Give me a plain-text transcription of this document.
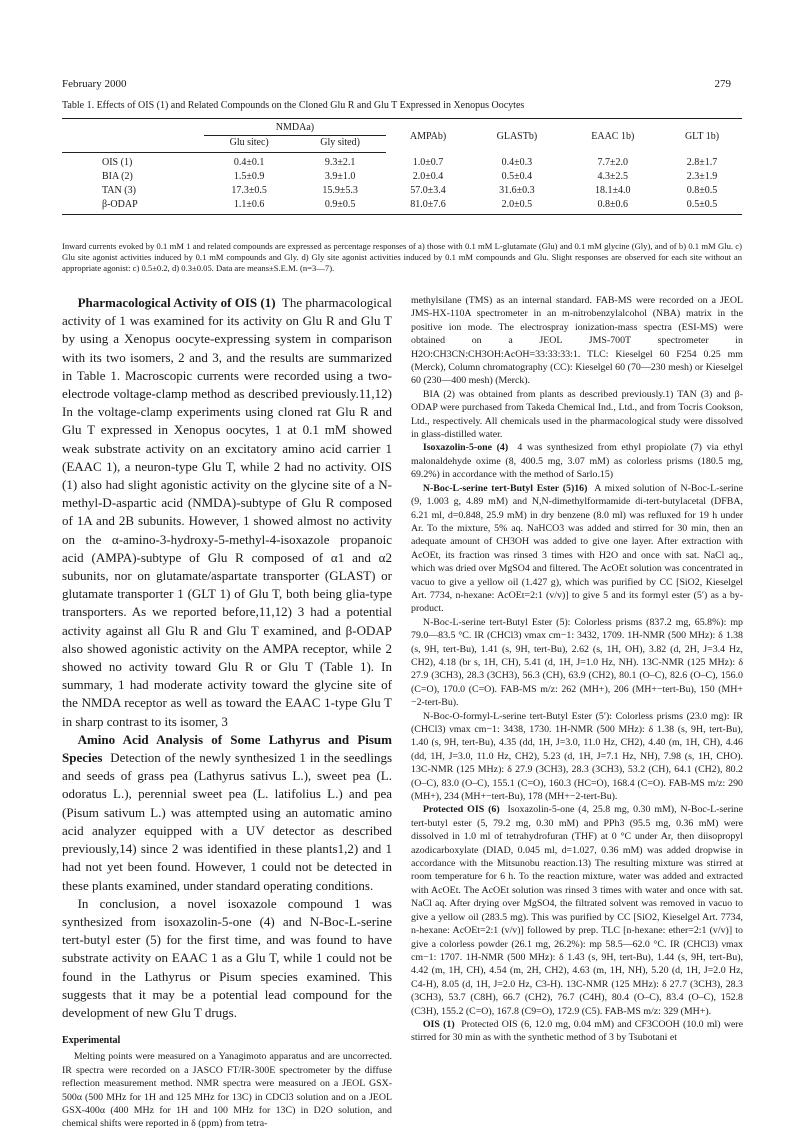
February 2000	279
Table 1. Effects of OIS (1) and Related Compounds on the Cloned Glu R and Glu T Expressed in Xenopus Oocytes
	NMDAa)		AMPAb)	GLASTb)	EAAC 1b)	GLT 1b)
	Glu sitec)	Gly sited)				
OIS (1)	0.4±0.1	9.3±2.1	1.0±0.7	0.4±0.3	7.7±2.0	2.8±1.7
BIA (2)	1.5±0.9	3.9±1.0	2.0±0.4	0.5±0.4	4.3±2.5	2.3±1.9
TAN (3)	17.3±0.5	15.9±5.3	57.0±3.4	31.6±0.3	18.1±4.0	0.8±0.5
β-ODAP	1.1±0.6	0.9±0.5	81.0±7.6	2.0±0.5	0.8±0.6	0.5±0.5
Inward currents evoked by 0.1 mM 1 and related compounds are expressed as percentage responses of a) those with 0.1 mM L-glutamate (Glu) and 0.1 mM glycine (Gly), and of b) 0.1 mM Glu. c) Glu site agonist activities induced by 0.1 mM compounds and Gly. d) Gly site agonist activities induced by 0.1 mM compounds and Glu. Slight responses are observed for each site without an appropriate agonist: c) 0.5±0.2, d) 0.3±0.05. Data are means±S.E.M. (n=3—7).

Pharmacological Activity of OIS (1) The pharmacological activity of 1 was examined for its activity on Glu R and Glu T by using a Xenopus oocyte-expressing system in comparison with its two isomers, 2 and 3, and the results are summarized in Table 1. Macroscopic currents were recorded using a two-electrode voltage-clamp method as described previously.11,12) In the voltage-clamp experiments using cloned rat Glu R and Glu T expressed in Xenopus oocytes, 1 at 0.1 mM showed weak substrate activity on an excitatory amino acid carrier 1 (EAAC 1), a neuron-type Glu T, while 2 had no activity. OIS (1) also had slight agonistic activity on the glycine site of a N-methyl-D-aspartic acid (NMDA)-subtype of Glu R composed of 1A and 2B subunits. However, 1 showed almost no activity on the α-amino-3-hydroxy-5-methyl-4-isoxazole propanoic acid (AMPA)-subtype of Glu R composed of α1 and α2 subunits, nor on glutamate/aspartate transporter (GLAST) or glutamate transporter 1 (GLT 1) of Glu T, both being glia-type transporters. As we reported before,11,12) 3 had a potential activity against all Glu R and Glu T examined, and β-ODAP also showed agonistic activity on the AMPA receptor, while 2 showed no activity toward Glu R or Glu T (Table 1). In summary, 1 had moderate activity toward the glycine site of the NMDA receptor as well as toward the EAAC 1-type Glu T in sharp contrast to its isomer, 3

Amino Acid Analysis of Some Lathyrus and Pisum Species Detection of the newly synthesized 1 in the seedlings and seeds of grass pea (Lathyrus sativus L.), sweet pea (L. odoratus L.), perennial sweet pea (L. latifolius L.) and pea (Pisum sativum L.) was attempted using an automatic amino acid analyzer equipped with a UV detector as described previously,14) since 2 was identified in these plants1,2) and 1 had not yet been found. However, 1 could not be detected in these plants examined, under standard operating conditions.

In conclusion, a novel isoxazole compound 1 was synthesized from isoxazolin-5-one (4) and N-Boc-L-serine tert-butyl ester (5) for the first time, and was found to have substrate activity on EAAC 1 as a Glu T, while 1 could not be found in the Lathyrus or Pisum species examined. This suggests that it may be a potential lead compound for the development of new Glu T drugs.

Experimental

Melting points were measured on a Yanagimoto apparatus and are uncorrected. IR spectra were recorded on a JASCO FT/IR-300E spectrometer by the diffuse reflection measurement method. NMR spectra were measured on a JEOL GSX-500α (500 MHz for 1H and 125 MHz for 13C) in CDCl3 solution and on a JEOL GSX-400α (400 MHz for 1H and 100 MHz for 13C) in D2O solution, and chemical shifts were reported in δ (ppm) from tetra-

methylsilane (TMS) as an internal standard. FAB-MS were recorded on a JEOL JMS-HX-110A spectrometer in an m-nitrobenzylalcohol (NBA) matrix in the positive ion mode. The electrospray ionization-mass spectra (ESI-MS) were obtained on a JEOL JMS-700T spectrometer in H2O:CH3CN:CH3OH:AcOH=33:33:33:1. TLC: Kieselgel 60 F254 0.25 mm (Merck), Column chromatography (CC): Kieselgel 60 (70—230 mesh) or Kieselgel 60 (230—400 mesh) (Merck).

BIA (2) was obtained from plants as described previously.1) TAN (3) and β-ODAP were purchased from Takeda Chemical Ind., Ltd., and from Tocris Cookson, Ltd., respectively. All chemicals used in the pharmacological study were dissolved in glass-distilled water.

Isoxazolin-5-one (4) 4 was synthesized from ethyl propiolate (7) via ethyl malonaldehyde oxime (8, 400.5 mg, 3.07 mM) as colorless prisms (180.5 mg, 69.2%) in accordance with the method of Sarlo.15)

N-Boc-L-serine tert-Butyl Ester (5)16) A mixed solution of N-Boc-L-serine (9, 1.003 g, 4.89 mM) and N,N-dimethylformamide di-tert-butylacetal (DFBA, 6.21 ml, d=0.848, 25.9 mM) in dry benzene (8.0 ml) was refluxed for 19 h under Ar. To the mixture, 5% aq. NaHCO3 was added and stirred for 30 min, then an adequate amount of CH3OH was added to give one layer. After extraction with AcOEt, its fraction was rinsed 3 times with H2O and once with sat. NaCl aq., which was dried over MgSO4 and filtered. The AcOEt solution was concentrated in vacuo to give a yellow oil (1.427 g), which was purified by CC [SiO2, Kieselgel Art. 7734, n-hexane: AcOEt=2:1 (v/v)] to give 5 and its formyl ester (5′) as a by-product.

N-Boc-L-serine tert-Butyl Ester (5): Colorless prisms (837.2 mg, 65.8%): mp 79.0—83.5 °C. IR (CHCl3) νmax cm−1: 3432, 1709. 1H-NMR (500 MHz): δ 1.38 (s, 9H, tert-Bu), 1.41 (s, 9H, tert-Bu), 2.62 (s, 1H, OH), 3.82 (d, 2H, J=3.4 Hz, CH2), 4.18 (br s, 1H, CH), 5.41 (d, 1H, J=1.0 Hz, NH). 13C-NMR (125 MHz): δ 27.9 (3CH3), 28.3 (3CH3), 56.3 (CH), 63.9 (CH2), 80.1 (O–C), 82.6 (O–C), 156.0 (C=O), 170.0 (C=O). FAB-MS m/z: 262 (MH+), 206 (MH+−tert-Bu), 150 (MH+−2-tert-Bu).

N-Boc-O-formyl-L-serine tert-Butyl Ester (5′): Colorless prisms (23.0 mg): IR (CHCl3) νmax cm−1: 3438, 1730. 1H-NMR (500 MHz): δ 1.38 (s, 9H, tert-Bu), 1.40 (s, 9H, tert-Bu), 4.35 (dd, 1H, J=3.0, 11.0 Hz, CH2), 4.40 (m, 1H, CH), 4.46 (dd, 1H, J=3.0, 11.0 Hz, CH2), 5.23 (d, 1H, J=7.1 Hz, NH), 7.98 (s, 1H, CHO). 13C-NMR (125 MHz): δ 27.9 (3CH3), 28.3 (3CH3), 53.2 (CH), 64.1 (CH2), 80.2 (O–C), 83.0 (O–C), 155.1 (C=O), 160.3 (HC=O), 168.4 (C=O). FAB-MS m/z: 290 (MH+), 234 (MH+−tert-Bu), 178 (MH+−2-tert-Bu).

Protected OIS (6) Isoxazolin-5-one (4, 25.8 mg, 0.30 mM), N-Boc-L-serine tert-butyl ester (5, 79.2 mg, 0.30 mM) and PPh3 (95.5 mg, 0.36 mM) were dissolved in 1.0 ml of tetrahydrofuran (THF) at 0 °C under Ar, then diisopropyl azodicarboxylate (DIAD, 0.045 ml, d=1.027, 0.36 mM) was added dropwise in accordance with the Mitsunobu reaction.13) The resulting mixture was stirred at room temperature for 6 h. To the reaction mixture, water was added and extracted with AcOEt. The AcOEt solution was rinsed 3 times with water and once with sat. NaCl aq. After drying over MgSO4, the filtrated solvent was removed in vacuo to give a yellow oil (283.5 mg). This was purified by CC [SiO2, Kieselgel Art. 7734, n-hexane: AcOEt=2:1 (v/v)] followed by prep. TLC [n-hexane: ether=2:1 (v/v)] to give a colorless powder (26.1 mg, 26.2%): mp 58.5—62.0 °C. IR (CHCl3) νmax cm−1: 1707. 1H-NMR (500 MHz): δ 1.43 (s, 9H, tert-Bu), 1.44 (s, 9H, tert-Bu), 4.42 (m, 1H, CH), 4.54 (m, 2H, CH2), 4.63 (m, 1H, NH), 5.20 (d, 1H, J=2.0 Hz, C4-H), 8.05 (d, 1H, J=2.0 Hz, C3-H). 13C-NMR (125 MHz): δ 27.7 (3CH3), 28.3 (3CH3), 53.7 (C8H), 66.7 (CH2), 76.7 (C4H), 80.4 (O–C), 83.4 (O–C), 152.8 (C3H), 155.2 (C=O), 167.8 (C9=O), 172.9 (C5). FAB-MS m/z: 329 (MH+).

OIS (1) Protected OIS (6, 12.0 mg, 0.04 mM) and CF3COOH (10.0 ml) were stirred for 30 min as with the synthetic method of 3 by Tsubotani et
